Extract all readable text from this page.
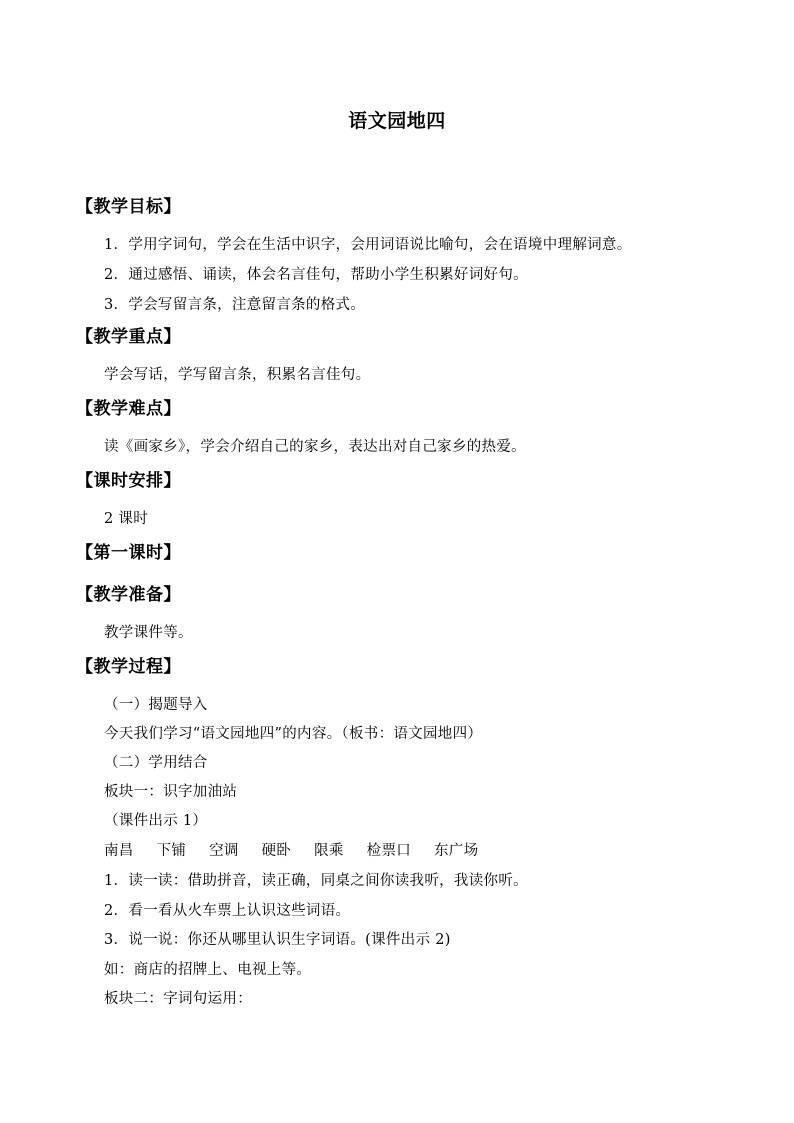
语文园地四
【教学目标】
1．学用字词句，学会在生活中识字，会用词语说比喻句，会在语境中理解词意。
2．通过感悟、诵读，体会名言佳句，帮助小学生积累好词好句。
3．学会写留言条，注意留言条的格式。
【教学重点】
学会写话，学写留言条，积累名言佳句。
【教学难点】
读《画家乡》，学会介绍自己的家乡，表达出对自己家乡的热爱。
【课时安排】
2 课时
【第一课时】
【教学准备】
教学课件等。
【教学过程】
（一）揭题导入
今天我们学习“语文园地四”的内容。（板书：语文园地四）
（二）学用结合
板块一：识字加油站
（课件出示 1）
南昌 下铺 空调 硬卧 限乘 检票口 东广场
1．读一读：借助拼音，读正确，同桌之间你读我听，我读你听。
2．看一看从火车票上认识这些词语。
3．说一说：你还从哪里认识生字词语。(课件出示 2)
如：商店的招牌上、电视上等。
板块二：字词句运用：
